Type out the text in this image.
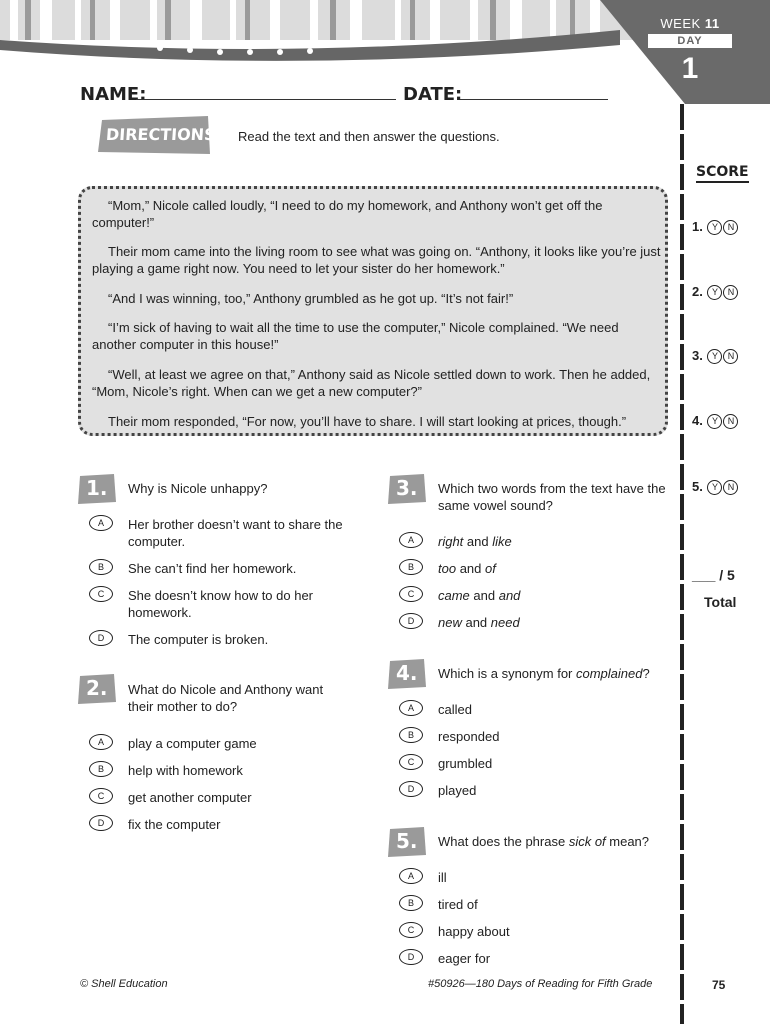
WEEK 11
DAY
1
NAME:	DATE:
DIRECTIONS Read the text and then answer the questions.
“Mom,” Nicole called loudly, “I need to do my homework, and Anthony won’t get off the computer!”
Their mom came into the living room to see what was going on. “Anthony, it looks like you’re just playing a game right now. You need to let your sister do her homework.”
“And I was winning, too,” Anthony grumbled as he got up. “It’s not fair!”
“I’m sick of having to wait all the time to use the computer,” Nicole complained. “We need another computer in this house!”
“Well, at least we agree on that,” Anthony said as Nicole settled down to work. Then he added, “Mom, Nicole’s right. When can we get a new computer?”
Their mom responded, “For now, you’ll have to share. I will start looking at prices, though.”
SCORE
1. Y N
2. Y N
3. Y N
4. Y N
5. Y N
___ / 5
Total
1. Why is Nicole unhappy?
A	Her brother doesn’t want to share the computer.
B	She can’t find her homework.
C	She doesn’t know how to do her homework.
D	The computer is broken.
2. What do Nicole and Anthony want their mother to do?
A	play a computer game
B	help with homework
C	get another computer
D	fix the computer
3. Which two words from the text have the same vowel sound?
A	right and like
B	too and of
C	came and and
D	new and need
4. Which is a synonym for complained?
A	called
B	responded
C	grumbled
D	played
5. What does the phrase sick of mean?
A	ill
B	tired of
C	happy about
D	eager for
© Shell Education	#50926—180 Days of Reading for Fifth Grade	75
